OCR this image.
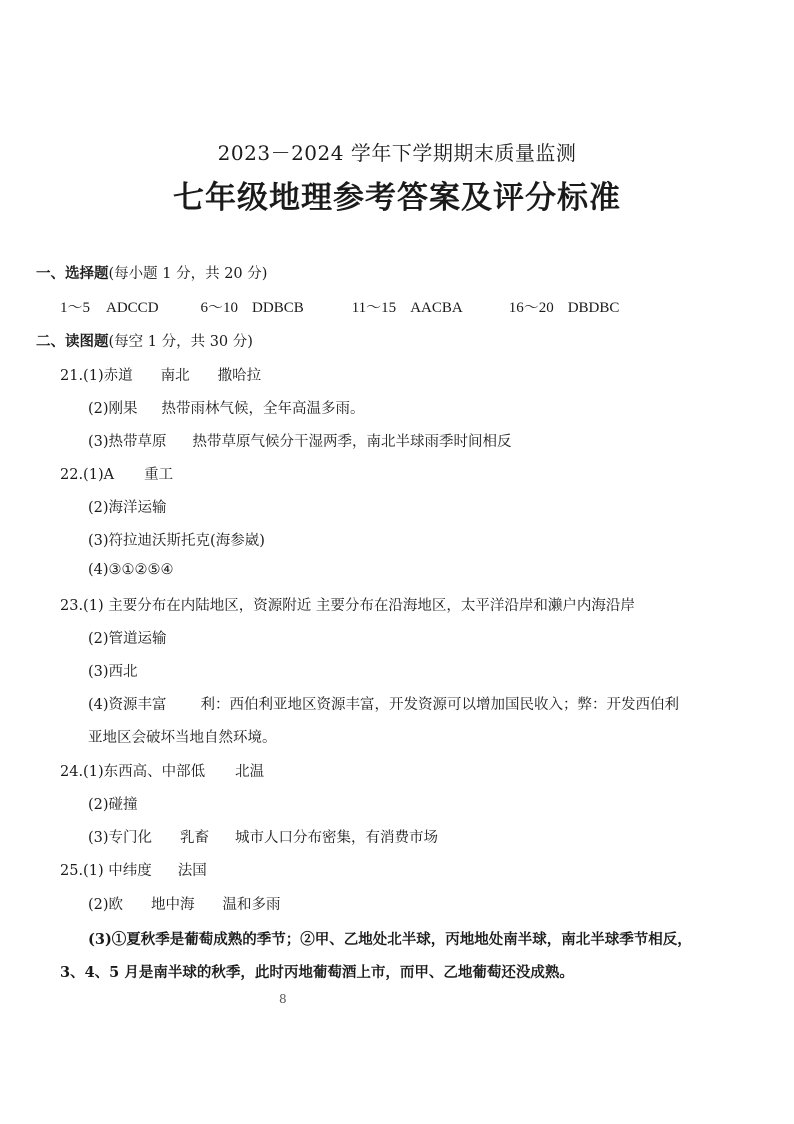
2023－2024 学年下学期期末质量监测
七年级地理参考答案及评分标准
一、选择题(每小题 1 分，共 20 分)
1～5 ADCCD	6～10 DDBCB	11～15 AACBA	16～20 DBDBC
二、读图题(每空 1 分，共 30 分)
21.(1)赤道 南北 撒哈拉
(2)刚果 热带雨林气候，全年高温多雨。
(3)热带草原 热带草原气候分干湿两季，南北半球雨季时间相反
22.(1)A 重工
(2)海洋运输
(3)符拉迪沃斯托克(海参崴)
(4)③①②⑤④
23.(1) 主要分布在内陆地区，资源附近 主要分布在沿海地区，太平洋沿岸和濑户内海沿岸
(2)管道运输
(3)西北
(4)资源丰富 利：西伯利亚地区资源丰富，开发资源可以增加国民收入；弊：开发西伯利
亚地区会破坏当地自然环境。
24.(1)东西高、中部低 北温
(2)碰撞
(3)专门化 乳畜 城市人口分布密集，有消费市场
25.(1) 中纬度 法国
(2)欧 地中海 温和多雨
(3)①夏秋季是葡萄成熟的季节；②甲、乙地处北半球，丙地地处南半球，南北半球季节相反，
3、4、5 月是南半球的秋季，此时丙地葡萄酒上市，而甲、乙地葡萄还没成熟。
8
